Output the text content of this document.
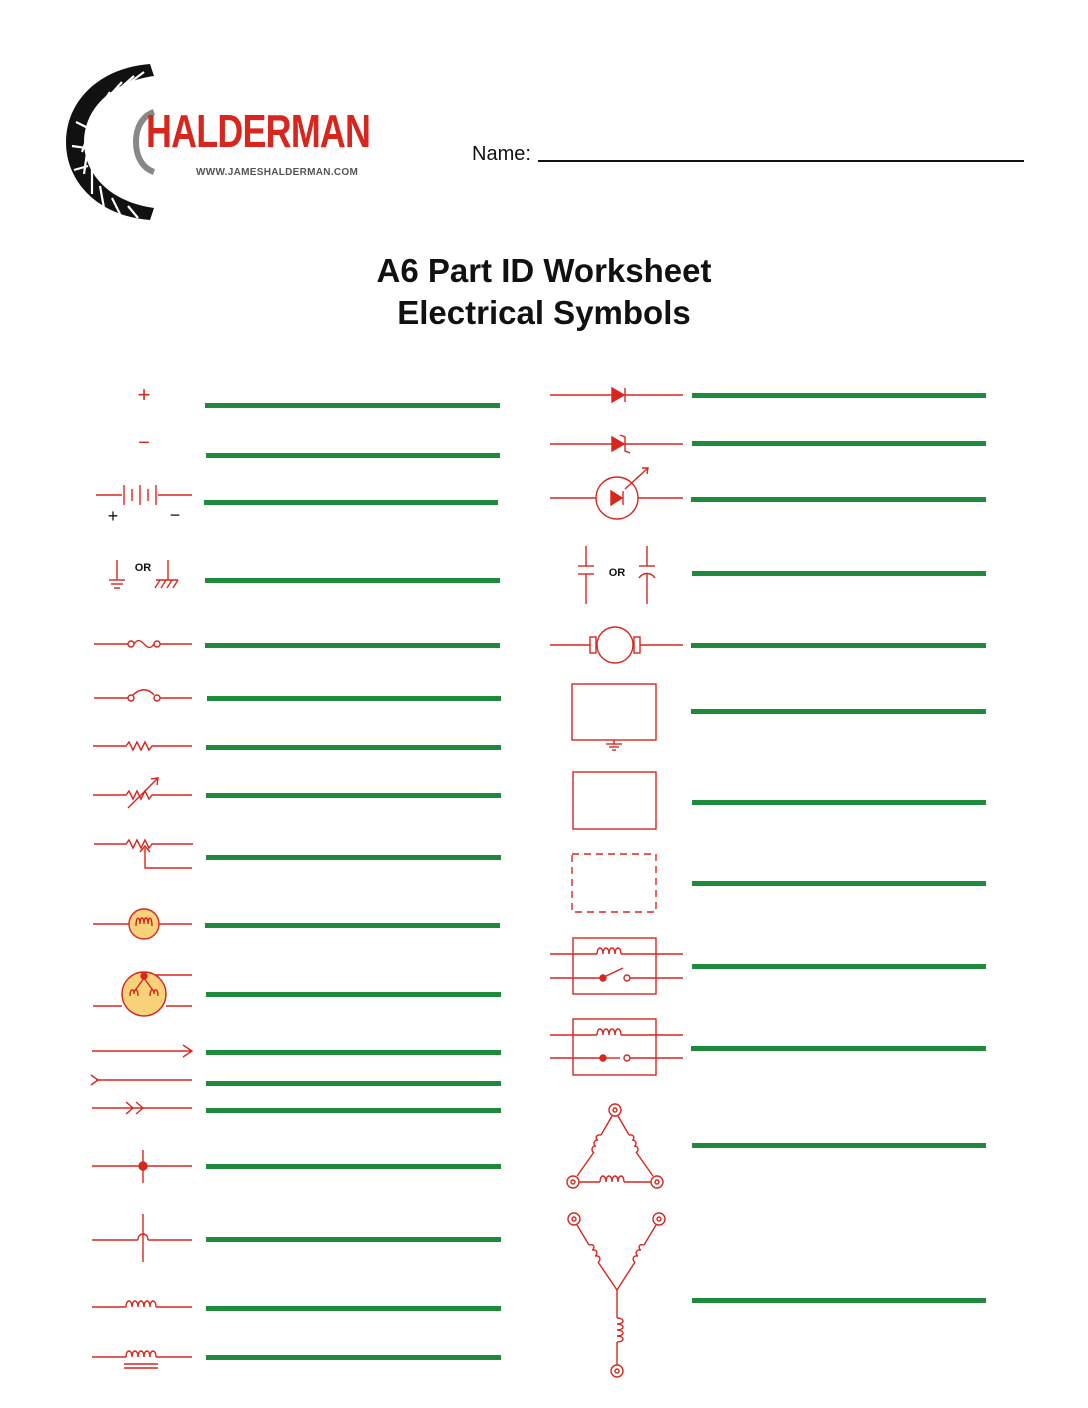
HALDERMAN
WWW.JAMESHALDERMAN.COM
Name:
A6 Part ID Worksheet
Electrical Symbols
+
−
+	−
OR	OR
